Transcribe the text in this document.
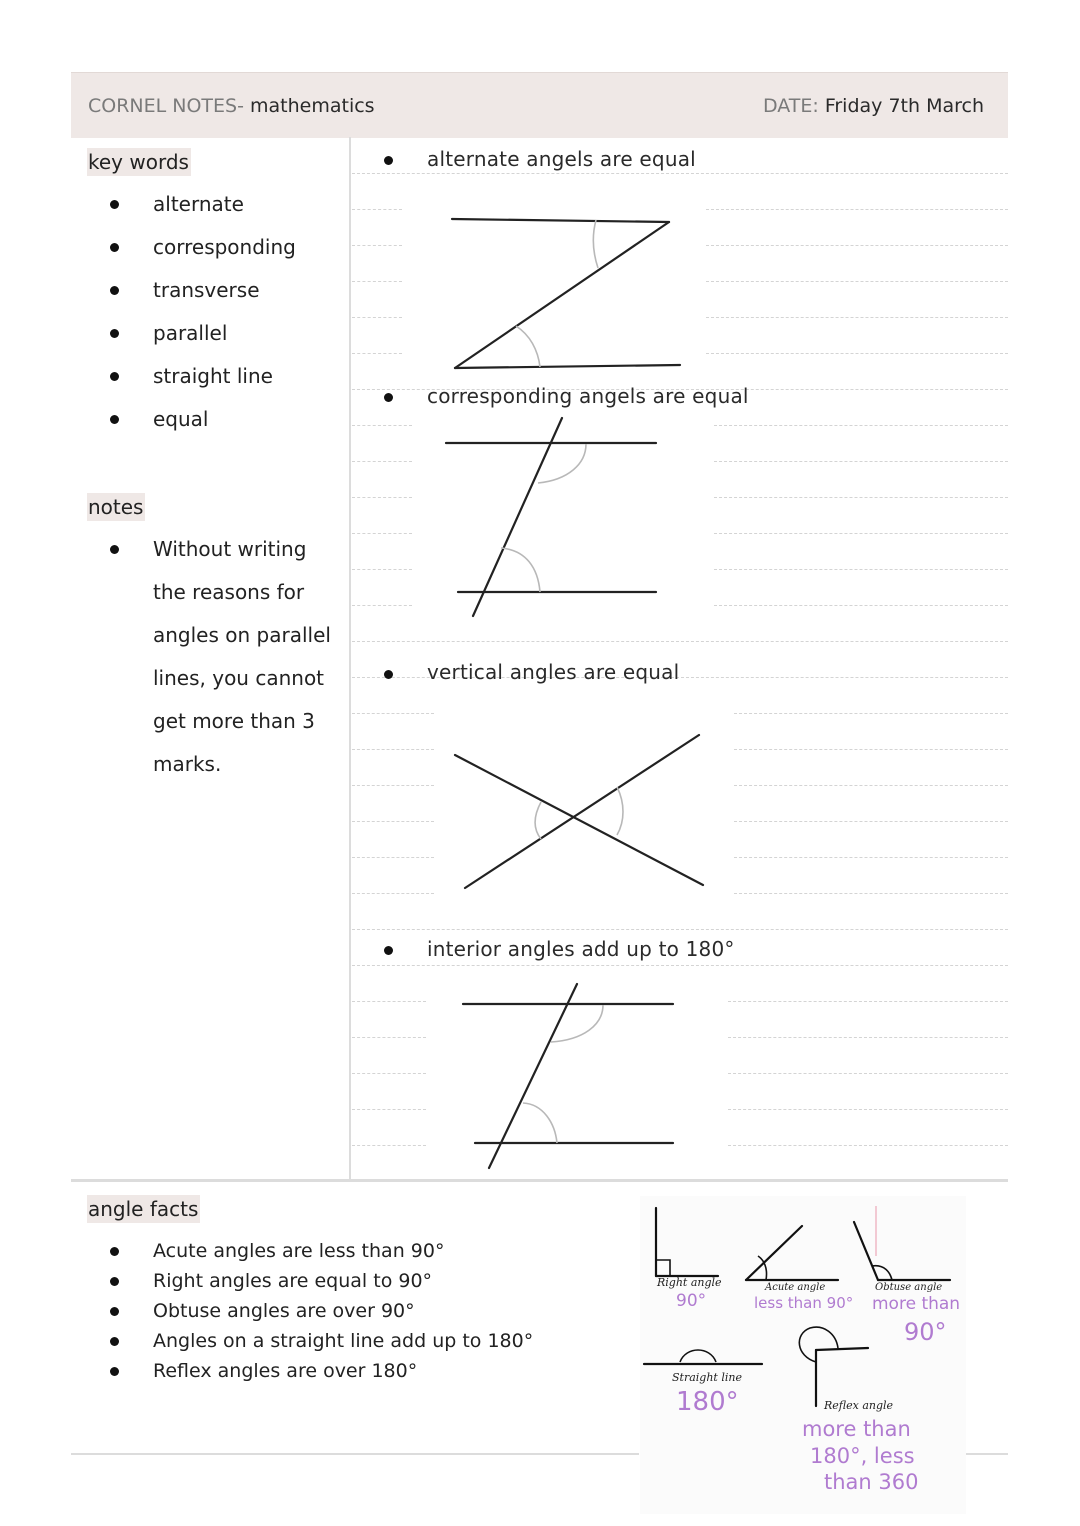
CORNEL NOTES- mathematics	DATE: Friday 7th March
key words
alternate
corresponding
transverse
parallel
straight line
equal
notes
Without writing
the reasons for
angles on parallel
lines, you cannot
get more than 3
marks.
alternate angels are equal
corresponding angels are equal
vertical angles are equal
interior angles add up to 180°
angle facts
Acute angles are less than 90°
Right angles are equal to 90°
Obtuse angles are over 90°
Angles on a straight line add up to 180°
Reflex angles are over 180°
Right angle
90°
Acute angle
less than 90°
Obtuse angle
more than
90°
Straight line
180°	Reflex angle
more than
180°, less
than 360
